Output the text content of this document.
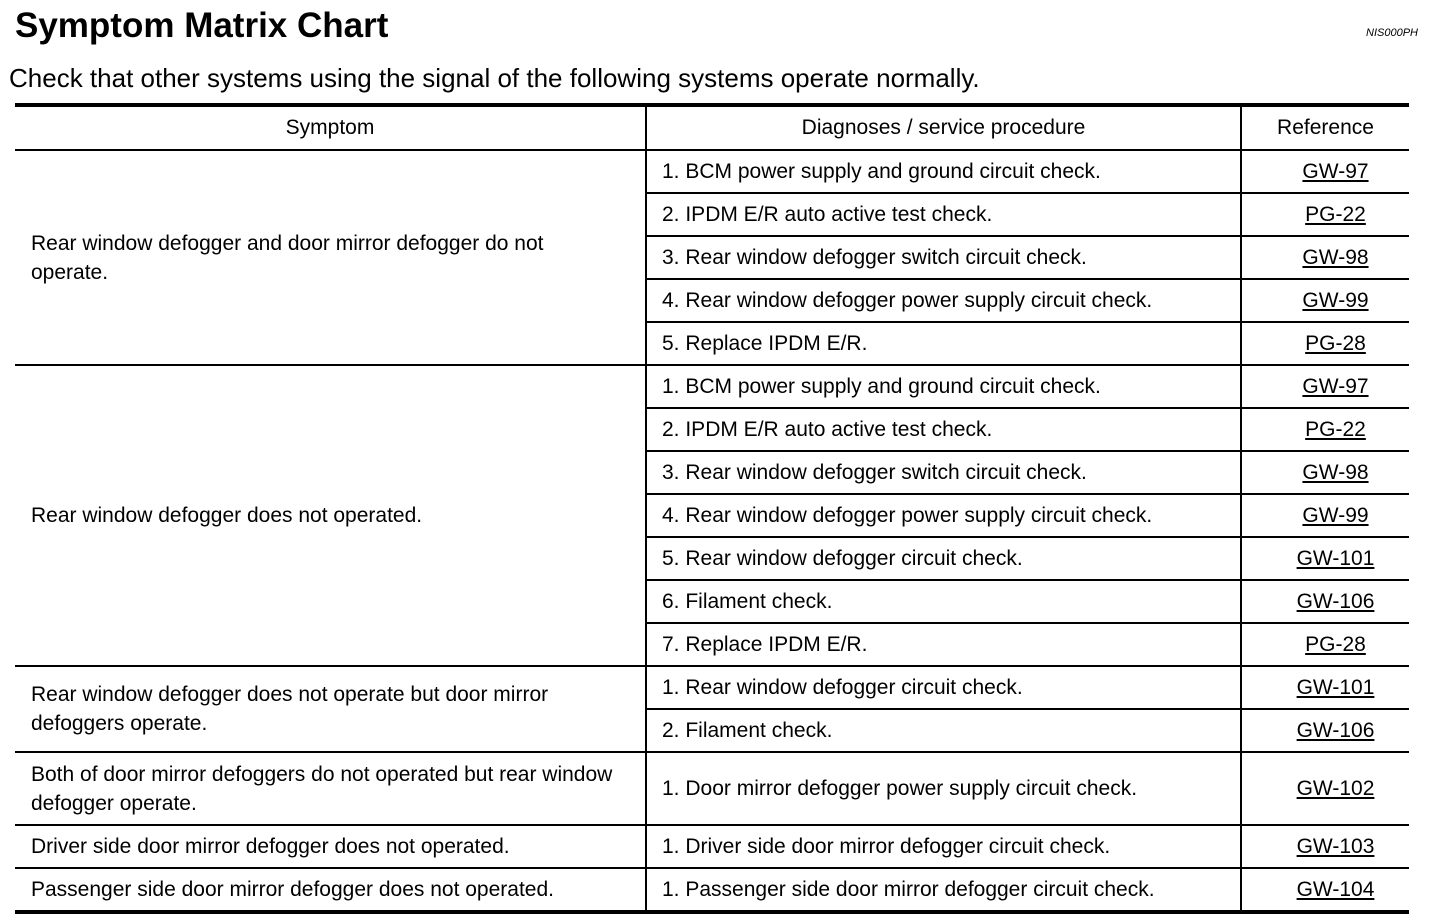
Symptom Matrix Chart	NIS000PH

Check that other systems using the signal of the following systems operate normally.

Symptom	Diagnoses / service procedure	Reference
Rear window defogger and door mirror defogger do not operate.	1. BCM power supply and ground circuit check.	GW-97
	2. IPDM E/R auto active test check.	PG-22
	3. Rear window defogger switch circuit check.	GW-98
	4. Rear window defogger power supply circuit check.	GW-99
	5. Replace IPDM E/R.	PG-28
Rear window defogger does not operated.	1. BCM power supply and ground circuit check.	GW-97
	2. IPDM E/R auto active test check.	PG-22
	3. Rear window defogger switch circuit check.	GW-98
	4. Rear window defogger power supply circuit check.	GW-99
	5. Rear window defogger circuit check.	GW-101
	6. Filament check.	GW-106
	7. Replace IPDM E/R.	PG-28
Rear window defogger does not operate but door mirror defoggers operate.	1. Rear window defogger circuit check.	GW-101
	2. Filament check.	GW-106
Both of door mirror defoggers do not operated but rear window defogger operate.	1. Door mirror defogger power supply circuit check.	GW-102
Driver side door mirror defogger does not operated.	1. Driver side door mirror defogger circuit check.	GW-103
Passenger side door mirror defogger does not operated.	1. Passenger side door mirror defogger circuit check.	GW-104
